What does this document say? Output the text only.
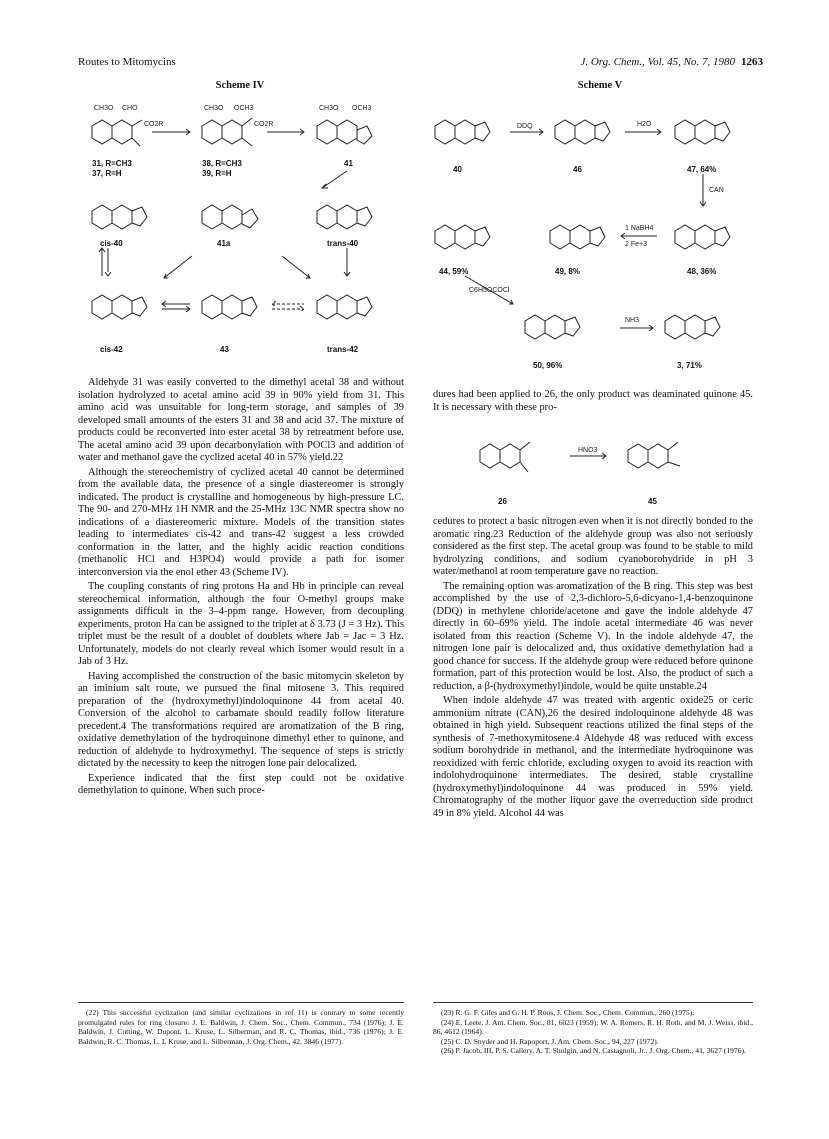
Routes to Mitomycins	J. Org. Chem., Vol. 45, No. 7, 1980 1263
Scheme IV
CH3O CHO	CH3O OCH3	CH3O OCH3
CO2R	CO2R
31, R=CH3
37, R=H
38, R=CH3
39, R=H
41
cis-40	41a	trans-40
cis-42	43	trans-42
Scheme V
DDQ	H2O
CAN
1 NaBH4
2 Fe+3
C6H5OCOCl
NH3
40	46	47, 64%
44, 59%	49, 8%	48, 36%
50, 96%	3, 71%

Aldehyde 31 was easily converted to the dimethyl acetal 38 and without isolation hydrolyzed to acetal amino acid 39 in 90% yield from 31. This amino acid was unsuitable for long-term storage, and samples of 39 developed small amounts of the esters 31 and 38 and acid 37. The mixture of products could be reconverted into ester acetal 38 by retreatment before use. The acetal amino acid 39 upon decarbonylation with POCl3 and addition of water and methanol gave the cyclized acetal 40 in 57% yield.22

Although the stereochemistry of cyclized acetal 40 cannot be determined from the available data, the presence of a single diastereomer is strongly indicated. The product is crystalline and homogeneous by high-pressure LC. The 90- and 270-MHz 1H NMR and the 25-MHz 13C NMR spectra show no indications of a diastereomeric mixture. Models of the transition states leading to intermediates cis-42 and trans-42 suggest a less crowded conformation in the latter, and the highly acidic reaction conditions (methanolic HCl and H3PO4) would provide a path for isomer interconversion via the enol ether 43 (Scheme IV).

The coupling constants of ring protons Ha and Hb in principle can reveal stereochemical information, although the four O-methyl groups make assignments difficult in the 3–4-ppm range. However, from decoupling experiments, proton Ha can be assigned to the triplet at δ 3.73 (J = 3 Hz). This triplet must be the result of a doublet of doublets where Jab = Jac = 3 Hz. Unfortunately, models do not clearly reveal which isomer would result in a Jab of 3 Hz.

Having accomplished the construction of the basic mitomycin skeleton by an iminium salt route, we pursued the final mitosene 3. This required preparation of the (hydroxymethyl)indoloquinone 44 from acetal 40. Conversion of the alcohol to carbamate should readily follow literature precedent.4 The transformations required are aromatization of the B ring, oxidative demethylation of the hydroquinone dimethyl ether to quinone, and reduction of aldehyde to hydroxymethyl. The sequence of steps is strictly dictated by the necessity to keep the nitrogen lone pair delocalized.

Experience indicated that the first step could not be oxidative demethylation to quinone. When such proce-

dures had been applied to 26, the only product was deaminated quinone 45. It is necessary with these pro-

HNO3
26	45

cedures to protect a basic nitrogen even when it is not directly bonded to the aromatic ring.23 Reduction of the aldehyde group was also not seriously considered as the first step. The acetal group was found to be stable to mild hydrolyzing conditions, and sodium cyanoborohydride in pH 3 water/methanol at room temperature gave no reaction.

The remaining option was aromatization of the B ring. This step was best accomplished by the use of 2,3-dichloro-5,6-dicyano-1,4-benzoquinone (DDQ) in methylene chloride/acetone and gave the indole aldehyde 47 directly in 60–69% yield. The indole acetal intermediate 46 was never isolated from this reaction (Scheme V). In the indole aldehyde 47, the nitrogen lone pair is delocalized and, thus oxidative demethylation had a good chance for success. If the aldehyde group were reduced before quinone formation, part of this protection would be lost. Also, the product of such a reduction, a β-(hydroxymethyl)indole, would be quite unstable.24

When indole aldehyde 47 was treated with argentic oxide25 or ceric ammonium nitrate (CAN),26 the desired indoloquinone aldehyde 48 was obtained in high yield. Subsequent reactions utilized the final steps of the synthesis of 7-methoxymitosene.4 Aldehyde 48 was reduced with excess sodium borohydride in methanol, and the intermediate hydroquinone was reoxidized with ferric chloride, excluding oxygen to avoid its reaction with indolohydroquinone intermediates. The desired, stable crystalline (hydroxymethyl)indoloquinone 44 was produced in 59% yield. Chromatography of the mother liquor gave the overreduction side product 49 in 8% yield. Alcohol 44 was

(22) This successful cyclization (and similar cyclizations in ref 11) is contrary to some recently promulgated rules for ring closure: J. E. Baldwin, J. Chem. Soc., Chem. Commun., 734 (1976); J. E. Baldwin, J. Cutting, W. Dupont, L. Kruse, L. Silberman, and R. C. Thomas, ibid., 736 (1976); J. E. Baldwin, R. C. Thomas, L. I. Kruse, and L. Silberman, J. Org. Chem., 42, 3846 (1977).

(23) R. G. F. Giles and G. H. P. Roos, J. Chem. Soc., Chem. Commun., 260 (1975).

(24) E. Leete, J. Am. Chem. Soc., 81, 6023 (1959); W. A. Remers, R. H. Roth, and M. J. Weiss, ibid., 86, 4612 (1964).

(25) C. D. Snyder and H. Rapoport, J. Am. Chem. Soc., 94, 227 (1972).

(26) P. Jacob, III, P. S. Callery, A. T. Shulgin, and N. Castagnoli, Jr., J. Org. Chem., 41, 3627 (1976).
